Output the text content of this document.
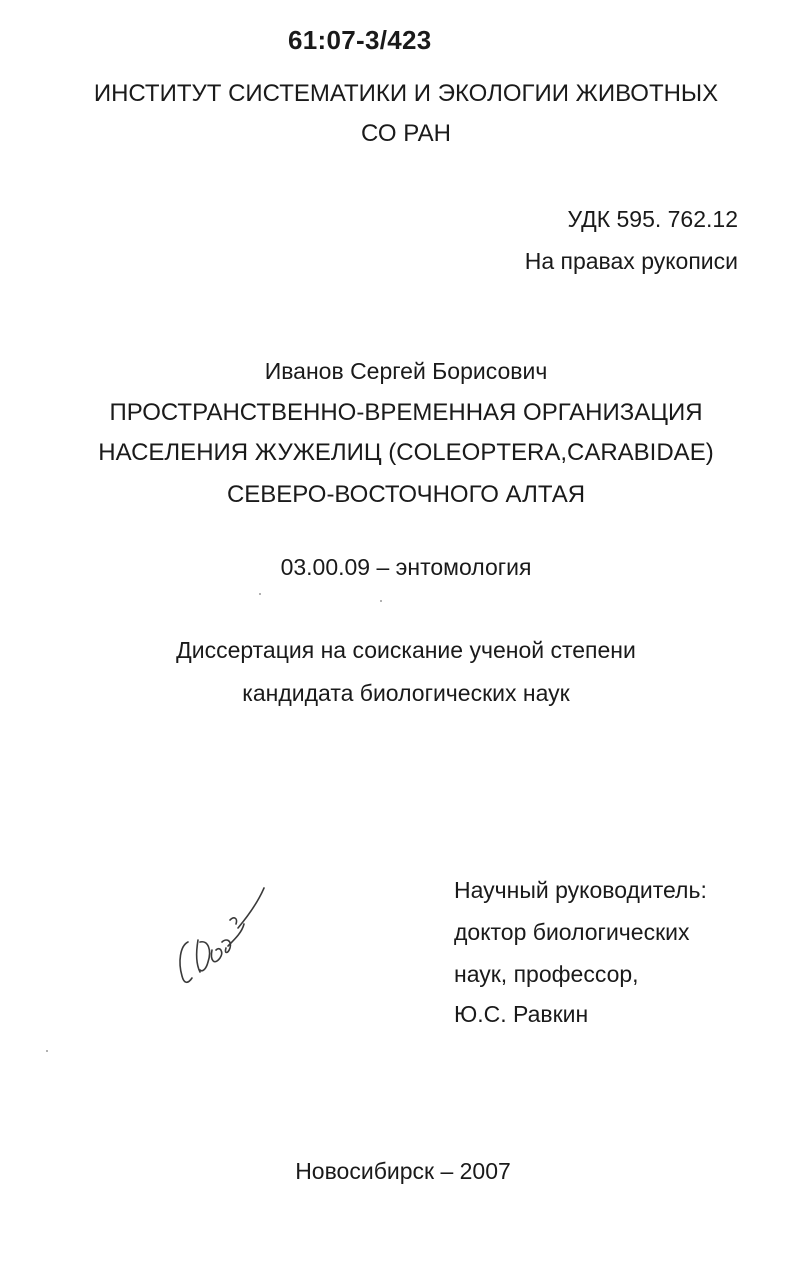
61:07-3/423
ИНСТИТУТ СИСТЕМАТИКИ И ЭКОЛОГИИ ЖИВОТНЫХ
СО РАН
УДК 595. 762.12
На правах рукописи
Иванов Сергей Борисович
ПРОСТРАНСТВЕННО-ВРЕМЕННАЯ ОРГАНИЗАЦИЯ
НАСЕЛЕНИЯ ЖУЖЕЛИЦ (COLEOPTERA,CARABIDAE)
СЕВЕРО-ВОСТОЧНОГО АЛТАЯ
03.00.09 – энтомология
Диссертация на соискание ученой степени
кандидата биологических наук
Научный руководитель:
доктор биологических
наук, профессор,
Ю.С. Равкин
Новосибирск – 2007
